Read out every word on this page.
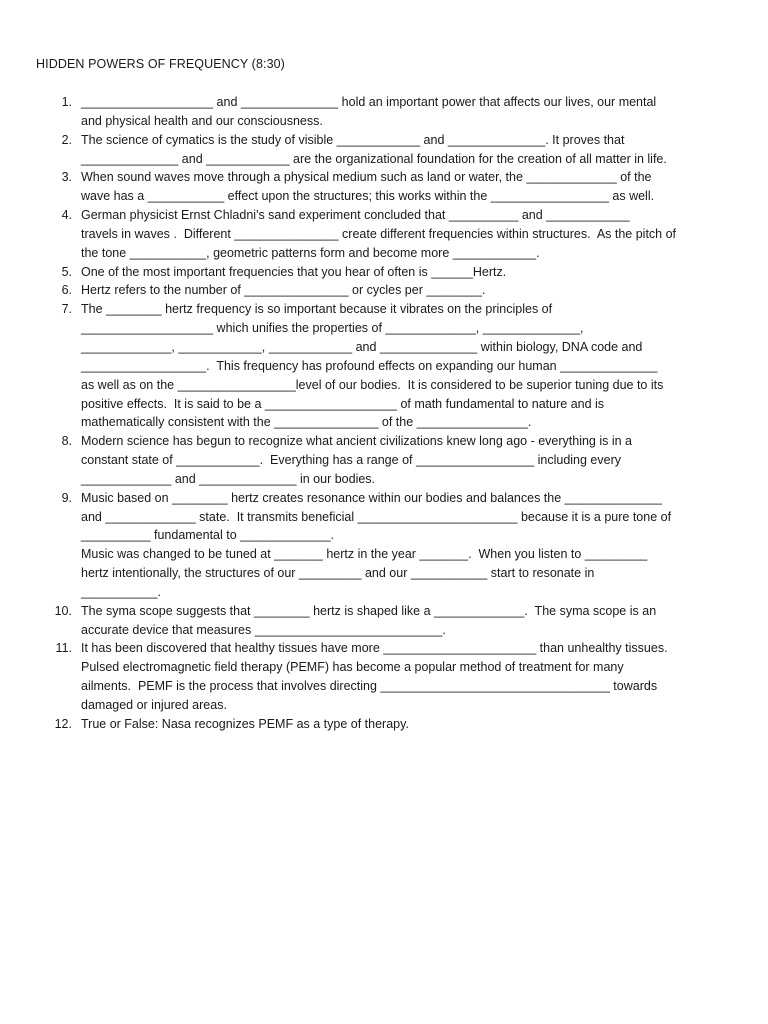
HIDDEN POWERS OF FREQUENCY (8:30)
1. ___________________ and ______________ hold an important power that affects our lives, our mental
and physical health and our consciousness.
2. The science of cymatics is the study of visible ____________ and ______________. It proves that
______________ and ____________ are the organizational foundation for the creation of all matter in life.
3. When sound waves move through a physical medium such as land or water, the _____________ of the
wave has a ___________ effect upon the structures; this works within the _________________ as well.
4. German physicist Ernst Chladni's sand experiment concluded that __________ and ____________
travels in waves .  Different _______________ create different frequencies within structures.  As the pitch of
the tone ___________, geometric patterns form and become more ____________.
5. One of the most important frequencies that you hear of often is ______Hertz.
6. Hertz refers to the number of _______________ or cycles per ________.
7. The ________ hertz frequency is so important because it vibrates on the principles of
___________________ which unifies the properties of _____________, ______________,
_____________, ____________, ____________ and ______________ within biology, DNA code and
__________________.  This frequency has profound effects on expanding our human ______________
as well as on the _________________level of our bodies.  It is considered to be superior tuning due to its
positive effects.  It is said to be a ___________________ of math fundamental to nature and is
mathematically consistent with the _______________ of the ________________.
8. Modern science has begun to recognize what ancient civilizations knew long ago - everything is in a
constant state of ____________.  Everything has a range of _________________ including every
_____________ and ______________ in our bodies.
9. Music based on ________ hertz creates resonance within our bodies and balances the ______________
and _____________ state.  It transmits beneficial _______________________ because it is a pure tone of
__________ fundamental to _____________.
Music was changed to be tuned at _______ hertz in the year _______.  When you listen to _________
hertz intentionally, the structures of our _________ and our ___________ start to resonate in
___________.
10. The syma scope suggests that ________ hertz is shaped like a _____________.  The syma scope is an
accurate device that measures ___________________________.
11. It has been discovered that healthy tissues have more ______________________ than unhealthy tissues.
Pulsed electromagnetic field therapy (PEMF) has become a popular method of treatment for many
ailments.  PEMF is the process that involves directing _________________________________ towards
damaged or injured areas.
12. True or False: Nasa recognizes PEMF as a type of therapy.
